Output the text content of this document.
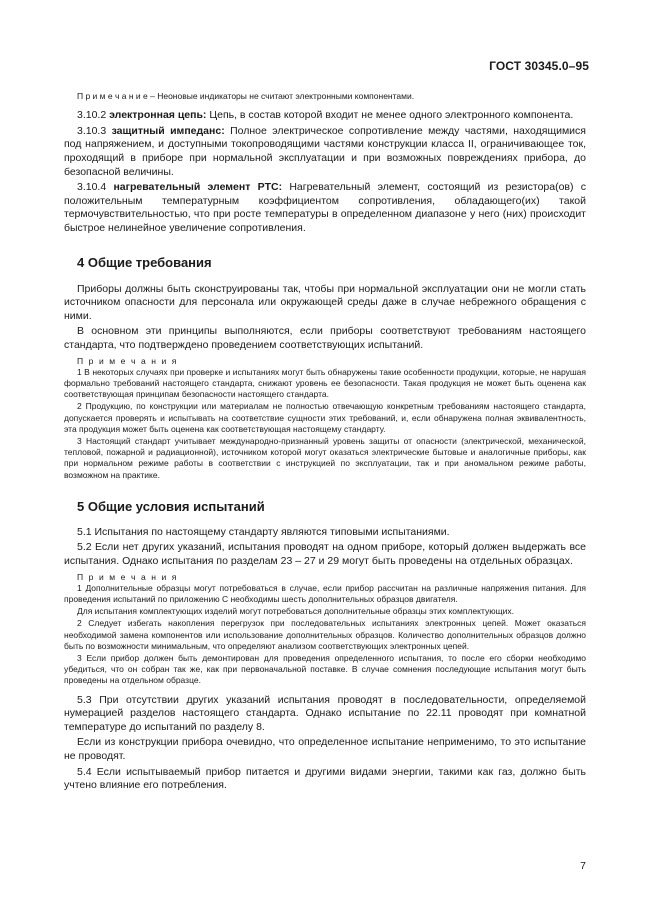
ГОСТ 30345.0–95

П р и м е ч а н и е – Неоновые индикаторы не считают электронными компонентами.

3.10.2 электронная цепь: Цепь, в состав которой входит не менее одного электронного компонента.

3.10.3 защитный импеданс: Полное электрическое сопротивление между частями, находящимися под напряжением, и доступными токопроводящими частями конструкции класса II, ограничивающее ток, проходящий в приборе при нормальной эксплуатации и при возможных повреждениях прибора, до безопасной величины.

3.10.4 нагревательный элемент PTC: Нагревательный элемент, состоящий из резистора(ов) с положительным температурным коэффициентом сопротивления, обладающего(их) такой термочувствительностью, что при росте температуры в определенном диапазоне у него (них) происходит быстрое нелинейное увеличение сопротивления.

4 Общие требования

Приборы должны быть сконструированы так, чтобы при нормальной эксплуатации они не могли стать источником опасности для персонала или окружающей среды даже в случае небрежного обращения с ними.

В основном эти принципы выполняются, если приборы соответствуют требованиям настоящего стандарта, что подтверждено проведением соответствующих испытаний.

П р и м е ч а н и я

1 В некоторых случаях при проверке и испытаниях могут быть обнаружены такие особенности продукции, которые, не нарушая формально требований настоящего стандарта, снижают уровень ее безопасности. Такая продукция не может быть оценена как соответствующая принципам безопасности настоящего стандарта.

2 Продукцию, по конструкции или материалам не полностью отвечающую конкретным требованиям настоящего стандарта, допускается проверять и испытывать на соответствие сущности этих требований, и, если обнаружена полная эквивалентность, эта продукция может быть оценена как соответствующая настоящему стандарту.

3 Настоящий стандарт учитывает международно-признанный уровень защиты от опасности (электрической, механической, тепловой, пожарной и радиационной), источником которой могут оказаться электрические бытовые и аналогичные приборы, как при нормальном режиме работы в соответствии с инструкцией по эксплуатации, так и при аномальном режиме работы, возможном на практике.

5 Общие условия испытаний

5.1 Испытания по настоящему стандарту являются типовыми испытаниями.

5.2 Если нет других указаний, испытания проводят на одном приборе, который должен выдержать все испытания. Однако испытания по разделам 23 – 27 и 29 могут быть проведены на отдельных образцах.

П р и м е ч а н и я

1 Дополнительные образцы могут потребоваться в случае, если прибор рассчитан на различные напряжения питания. Для проведения испытаний по приложению С необходимы шесть дополнительных образцов двигателя.

Для испытания комплектующих изделий могут потребоваться дополнительные образцы этих комплектующих.

2 Следует избегать накопления перегрузок при последовательных испытаниях электронных цепей. Может оказаться необходимой замена компонентов или использование дополнительных образцов. Количество дополнительных образцов должно быть по возможности минимальным, что определяют анализом соответствующих электронных цепей.

3 Если прибор должен быть демонтирован для проведения определенного испытания, то после его сборки необходимо убедиться, что он собран так же, как при первоначальной поставке. В случае сомнения последующие испытания могут быть проведены на отдельном образце.

5.3 При отсутствии других указаний испытания проводят в последовательности, определяемой нумерацией разделов настоящего стандарта. Однако испытание по 22.11 проводят при комнатной температуре до испытаний по разделу 8.

Если из конструкции прибора очевидно, что определенное испытание неприменимо, то это испытание не проводят.

5.4 Если испытываемый прибор питается и другими видами энергии, такими как газ, должно быть учтено влияние его потребления.

7
